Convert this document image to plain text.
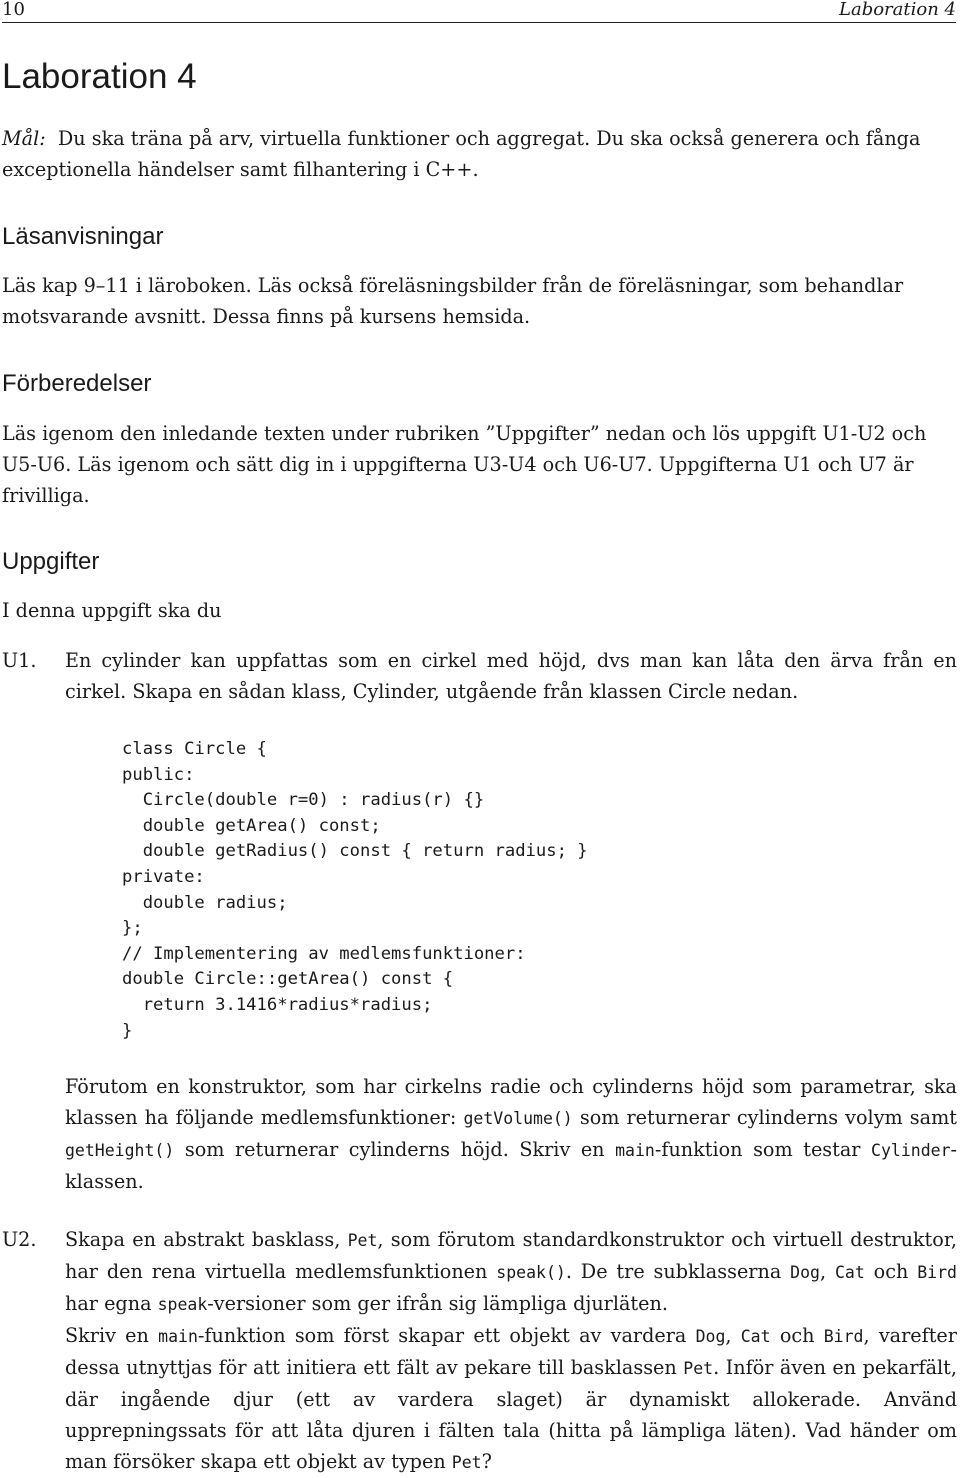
10	Laboration 4
Laboration 4
Mål: Du ska träna på arv, virtuella funktioner och aggregat. Du ska också generera och fånga exceptionella händelser samt filhantering i C++.
Läsanvisningar
Läs kap 9–11 i läroboken. Läs också föreläsningsbilder från de föreläsningar, som behandlar motsvarande avsnitt. Dessa finns på kursens hemsida.
Förberedelser
Läs igenom den inledande texten under rubriken ”Uppgifter” nedan och lös uppgift U1-U2 och U5-U6. Läs igenom och sätt dig in i uppgifterna U3-U4 och U6-U7. Uppgifterna U1 och U7 är frivilliga.
Uppgifter
I denna uppgift ska du
U1. En cylinder kan uppfattas som en cirkel med höjd, dvs man kan låta den ärva från en cirkel. Skapa en sådan klass, Cylinder, utgående från klassen Circle nedan.
class Circle {
public:
Circle(double r=0) : radius(r) {}
double getArea() const;
double getRadius() const { return radius; }
private:
double radius;
};
// Implementering av medlemsfunktioner:
double Circle::getArea() const {
return 3.1416*radius*radius;
}
Förutom en konstruktor, som har cirkelns radie och cylinderns höjd som parametrar, ska klassen ha följande medlemsfunktioner: getVolume() som returnerar cylinderns volym samt getHeight() som returnerar cylinderns höjd. Skriv en main-funktion som testar Cylinder-klassen.
U2. Skapa en abstrakt basklass, Pet, som förutom standardkonstruktor och virtuell destruktor, har den rena virtuella medlemsfunktionen speak(). De tre subklasserna Dog, Cat och Bird har egna speak-versioner som ger ifrån sig lämpliga djurläten.
Skriv en main-funktion som först skapar ett objekt av vardera Dog, Cat och Bird, varefter dessa utnyttjas för att initiera ett fält av pekare till basklassen Pet. Inför även en pekarfält, där ingående djur (ett av vardera slaget) är dynamiskt allokerade. Använd upprepningssats för att låta djuren i fälten tala (hitta på lämpliga läten). Vad händer om man försöker skapa ett objekt av typen Pet?
